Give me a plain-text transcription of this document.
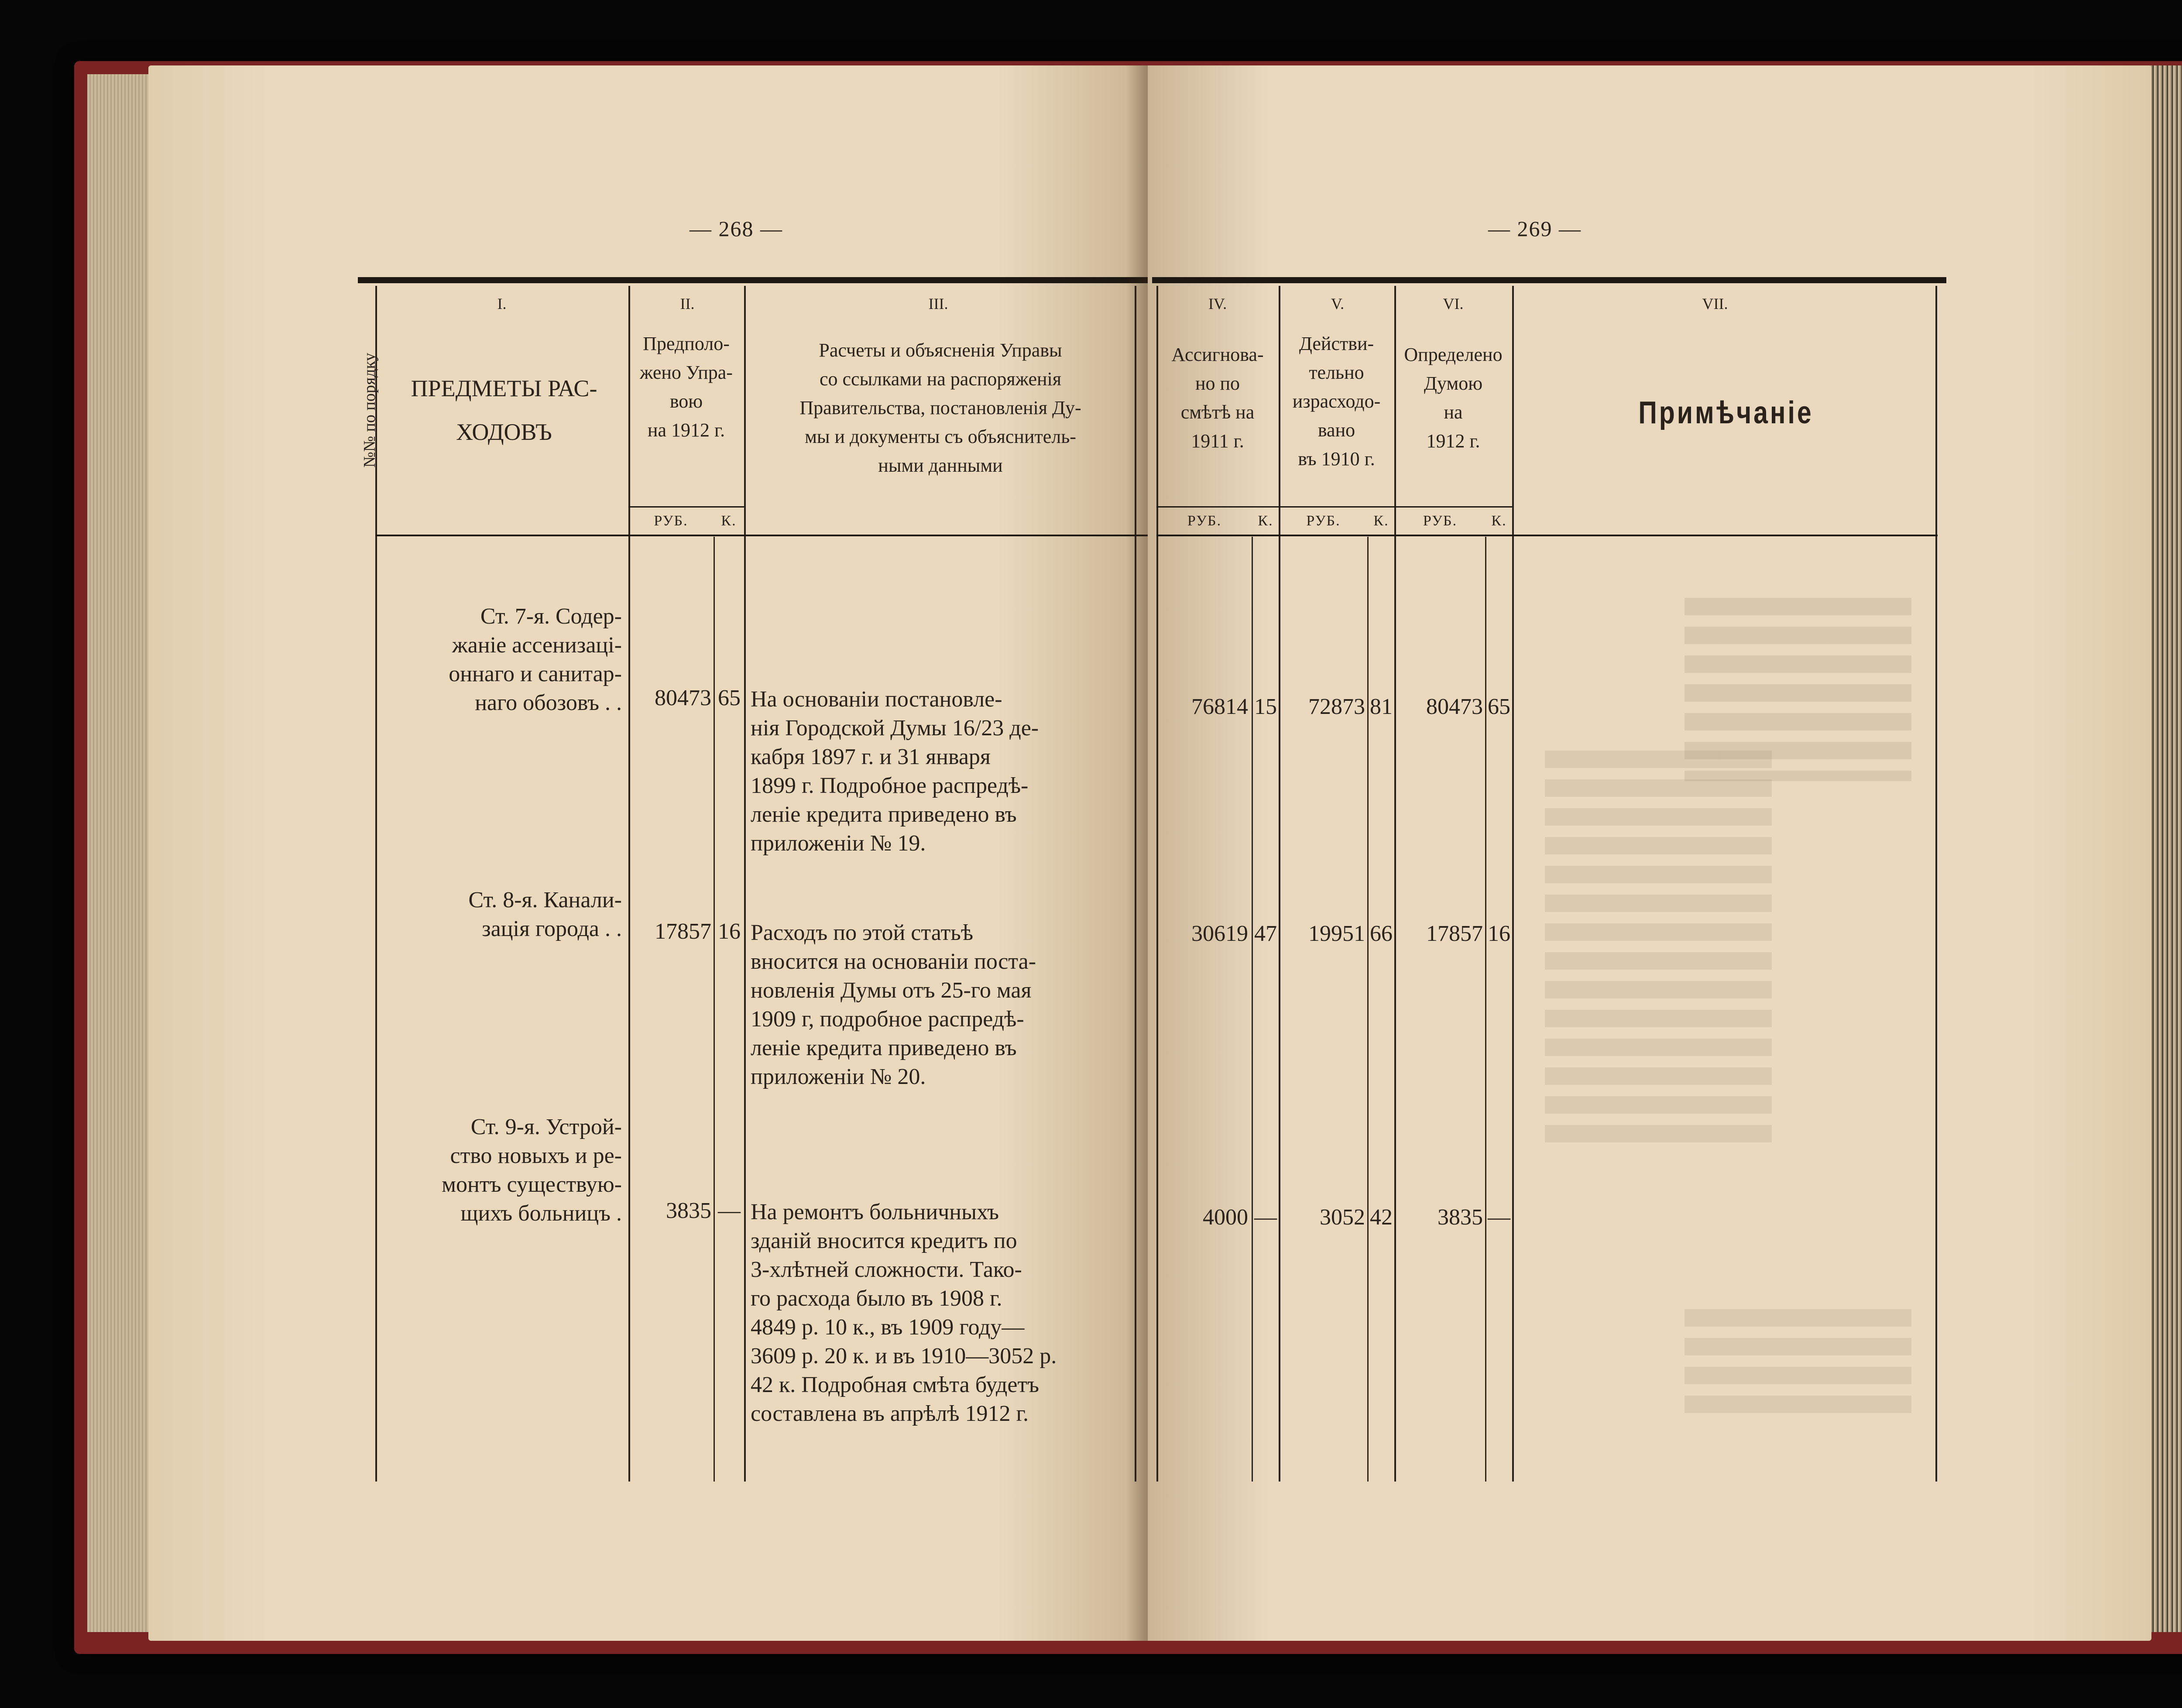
— 268 —
I.	II.	III.
№№ по порядку	ПРЕДМЕТЫ РАС-
ХОДОВЪ
Предполо-
жено Упра-
вою
на 1912 г.
Расчеты и объясненія Управы
со ссылками на распоряженія
Правительства, постановленія Ду-
мы и документы съ объяснитель-
ными данными
РУБ.	К.
Ст. 7-я. Содер-
жаніе ассенизаці-
оннаго и санитар-
наго обозовъ . .	80473 65 На основаніи постановле-
нія Городской Думы 16/23 де-
кабря 1897 г. и 31 января
1899 г. Подробное распредѣ-
леніе кредита приведено въ
приложеніи № 19.
Ст. 8-я. Канали-
зація города . .	17857 16 Расходъ по этой статьѣ
вносится на основаніи поста-
новленія Думы отъ 25-го мая
1909 г, подробное распредѣ-
леніе кредита приведено въ
приложеніи № 20.
Ст. 9-я. Устрой-
ство новыхъ и ре-
монтъ существую-
щихъ больницъ .	3835 — На ремонтъ больничныхъ
зданій вносится кредитъ по
3-хлѣтней сложности. Тако-
го расхода было въ 1908 г.
4849 р. 10 к., въ 1909 году—
3609 р. 20 к. и въ 1910—3052 р.
42 к. Подробная смѣта будетъ
составлена въ апрѣлѣ 1912 г.
— 269 —
IV.	V.	VI.	VII.
Ассигнова-
но по
смѣтѣ на
1911 г.
Действи-
тельно
израсходо-
вано
въ 1910 г.
Определено
Думою
на
1912 г.
Примѣчаніе
РУБ.	К.	РУБ.	К.	РУБ.	К.
76814 15	72873 81	80473 65
30619 47	19951 66	17857 16
4000 —	3052 42	3835 —
